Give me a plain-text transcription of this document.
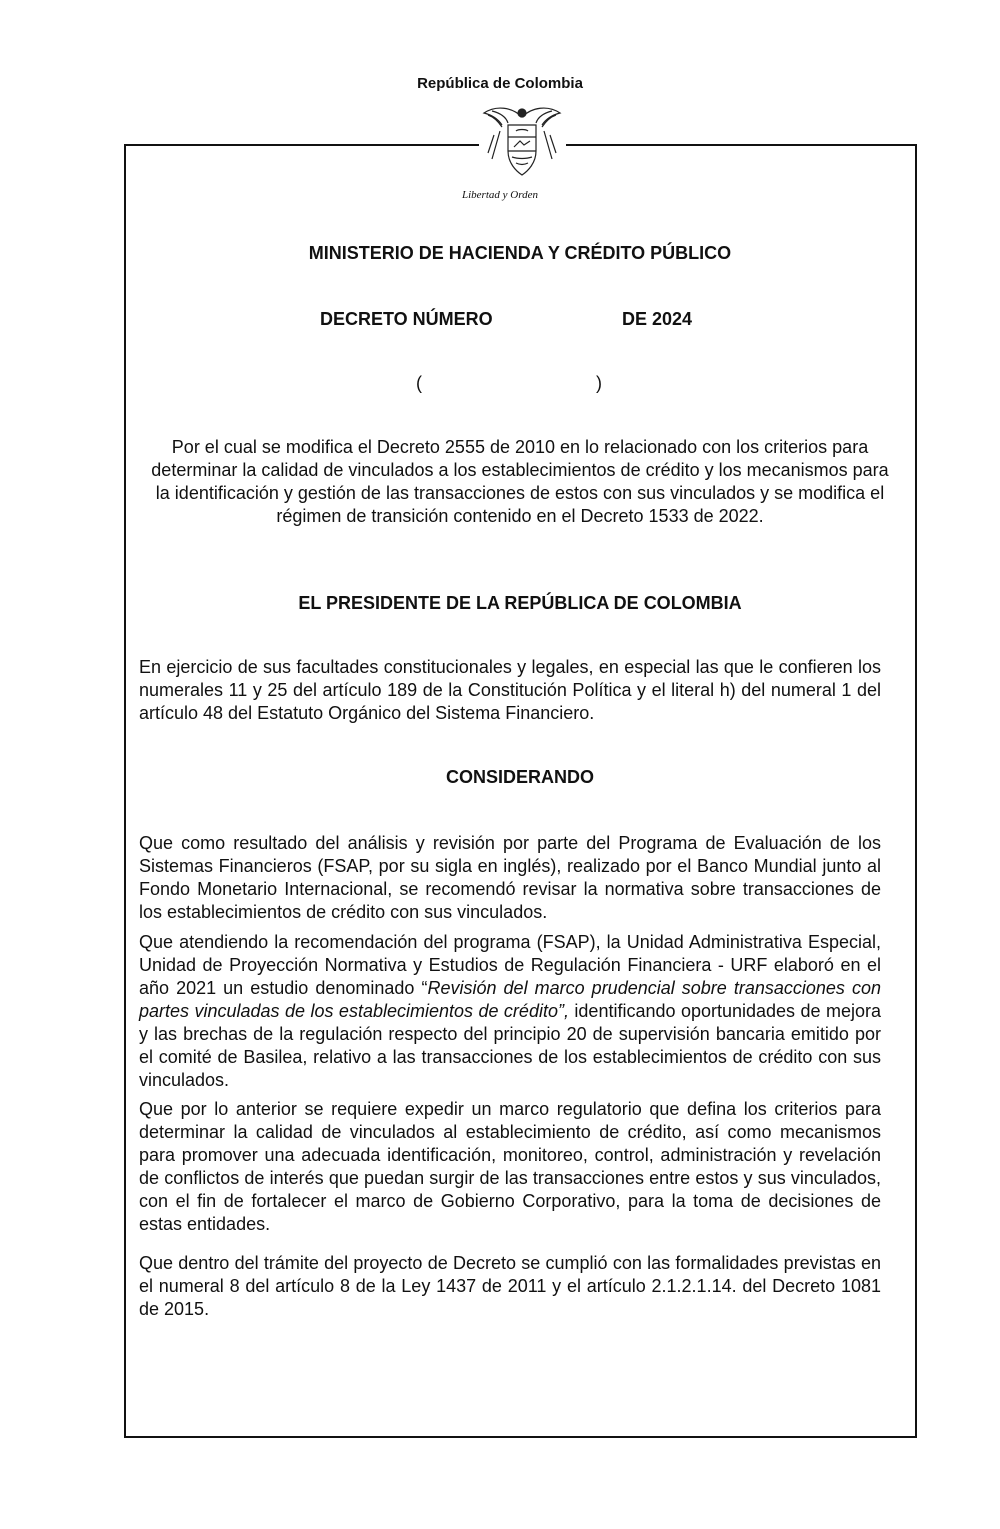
República de Colombia
Libertad y Orden

MINISTERIO DE HACIENDA Y CRÉDITO PÚBLICO

DECRETO NÚMERO	DE 2024
(	)

Por el cual se modifica el Decreto 2555 de 2010 en lo relacionado con los criterios para determinar la calidad de vinculados a los establecimientos de crédito y los mecanismos para la identificación y gestión de las transacciones de estos con sus vinculados y se modifica el régimen de transición contenido en el Decreto 1533 de 2022.

EL PRESIDENTE DE LA REPÚBLICA DE COLOMBIA

En ejercicio de sus facultades constitucionales y legales, en especial las que le confieren los numerales 11 y 25 del artículo 189 de la Constitución Política y el literal h) del numeral 1 del artículo 48 del Estatuto Orgánico del Sistema Financiero.

CONSIDERANDO

Que como resultado del análisis y revisión por parte del Programa de Evaluación de los Sistemas Financieros (FSAP, por su sigla en inglés), realizado por el Banco Mundial junto al Fondo Monetario Internacional, se recomendó revisar la normativa sobre transacciones de los establecimientos de crédito con sus vinculados.

Que atendiendo la recomendación del programa (FSAP), la Unidad Administrativa Especial, Unidad de Proyección Normativa y Estudios de Regulación Financiera - URF elaboró en el año 2021 un estudio denominado “Revisión del marco prudencial sobre transacciones con partes vinculadas de los establecimientos de crédito”, identificando oportunidades de mejora y las brechas de la regulación respecto del principio 20 de supervisión bancaria emitido por el comité de Basilea, relativo a las transacciones de los establecimientos de crédito con sus vinculados.

Que por lo anterior se requiere expedir un marco regulatorio que defina los criterios para determinar la calidad de vinculados al establecimiento de crédito, así como mecanismos para promover una adecuada identificación, monitoreo, control, administración y revelación de conflictos de interés que puedan surgir de las transacciones entre estos y sus vinculados, con el fin de fortalecer el marco de Gobierno Corporativo, para la toma de decisiones de estas entidades.

Que dentro del trámite del proyecto de Decreto se cumplió con las formalidades previstas en el numeral 8 del artículo 8 de la Ley 1437 de 2011 y el artículo 2.1.2.1.14. del Decreto 1081 de 2015.
